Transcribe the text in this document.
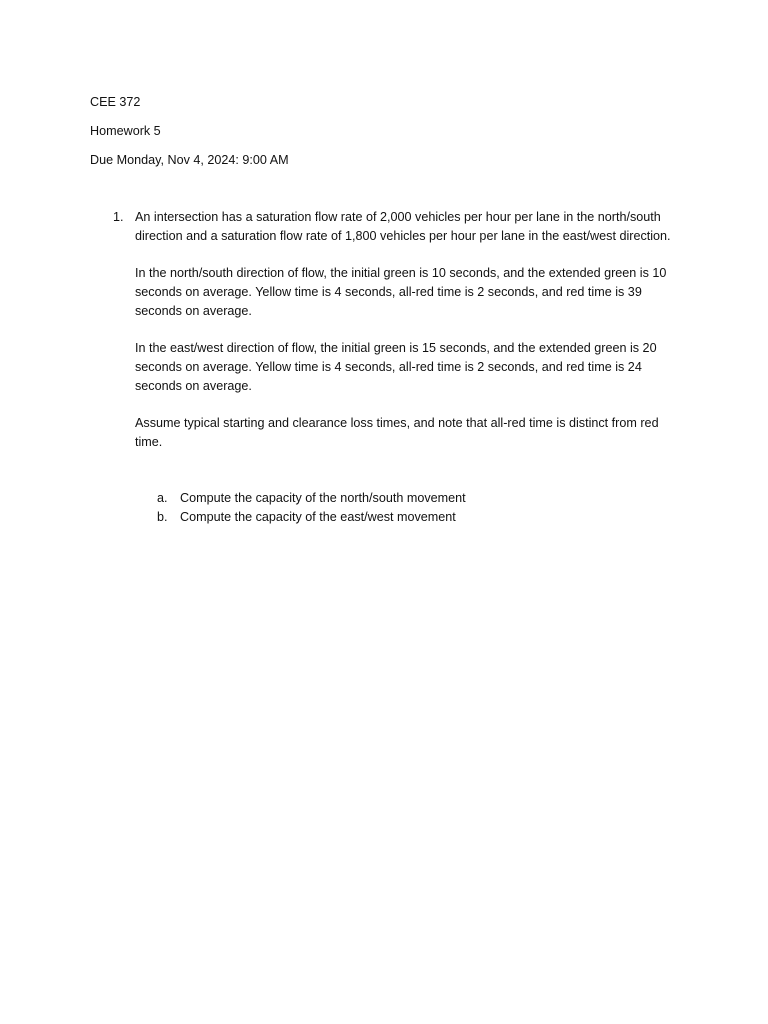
CEE 372
Homework 5
Due Monday, Nov 4, 2024: 9:00 AM
1. An intersection has a saturation flow rate of 2,000 vehicles per hour per lane in the north/south direction and a saturation flow rate of 1,800 vehicles per hour per lane in the east/west direction.

In the north/south direction of flow, the initial green is 10 seconds, and the extended green is 10 seconds on average. Yellow time is 4 seconds, all-red time is 2 seconds, and red time is 39 seconds on average.

In the east/west direction of flow, the initial green is 15 seconds, and the extended green is 20 seconds on average. Yellow time is 4 seconds, all-red time is 2 seconds, and red time is 24 seconds on average.

Assume typical starting and clearance loss times, and note that all-red time is distinct from red time.

a. Compute the capacity of the north/south movement
b. Compute the capacity of the east/west movement
